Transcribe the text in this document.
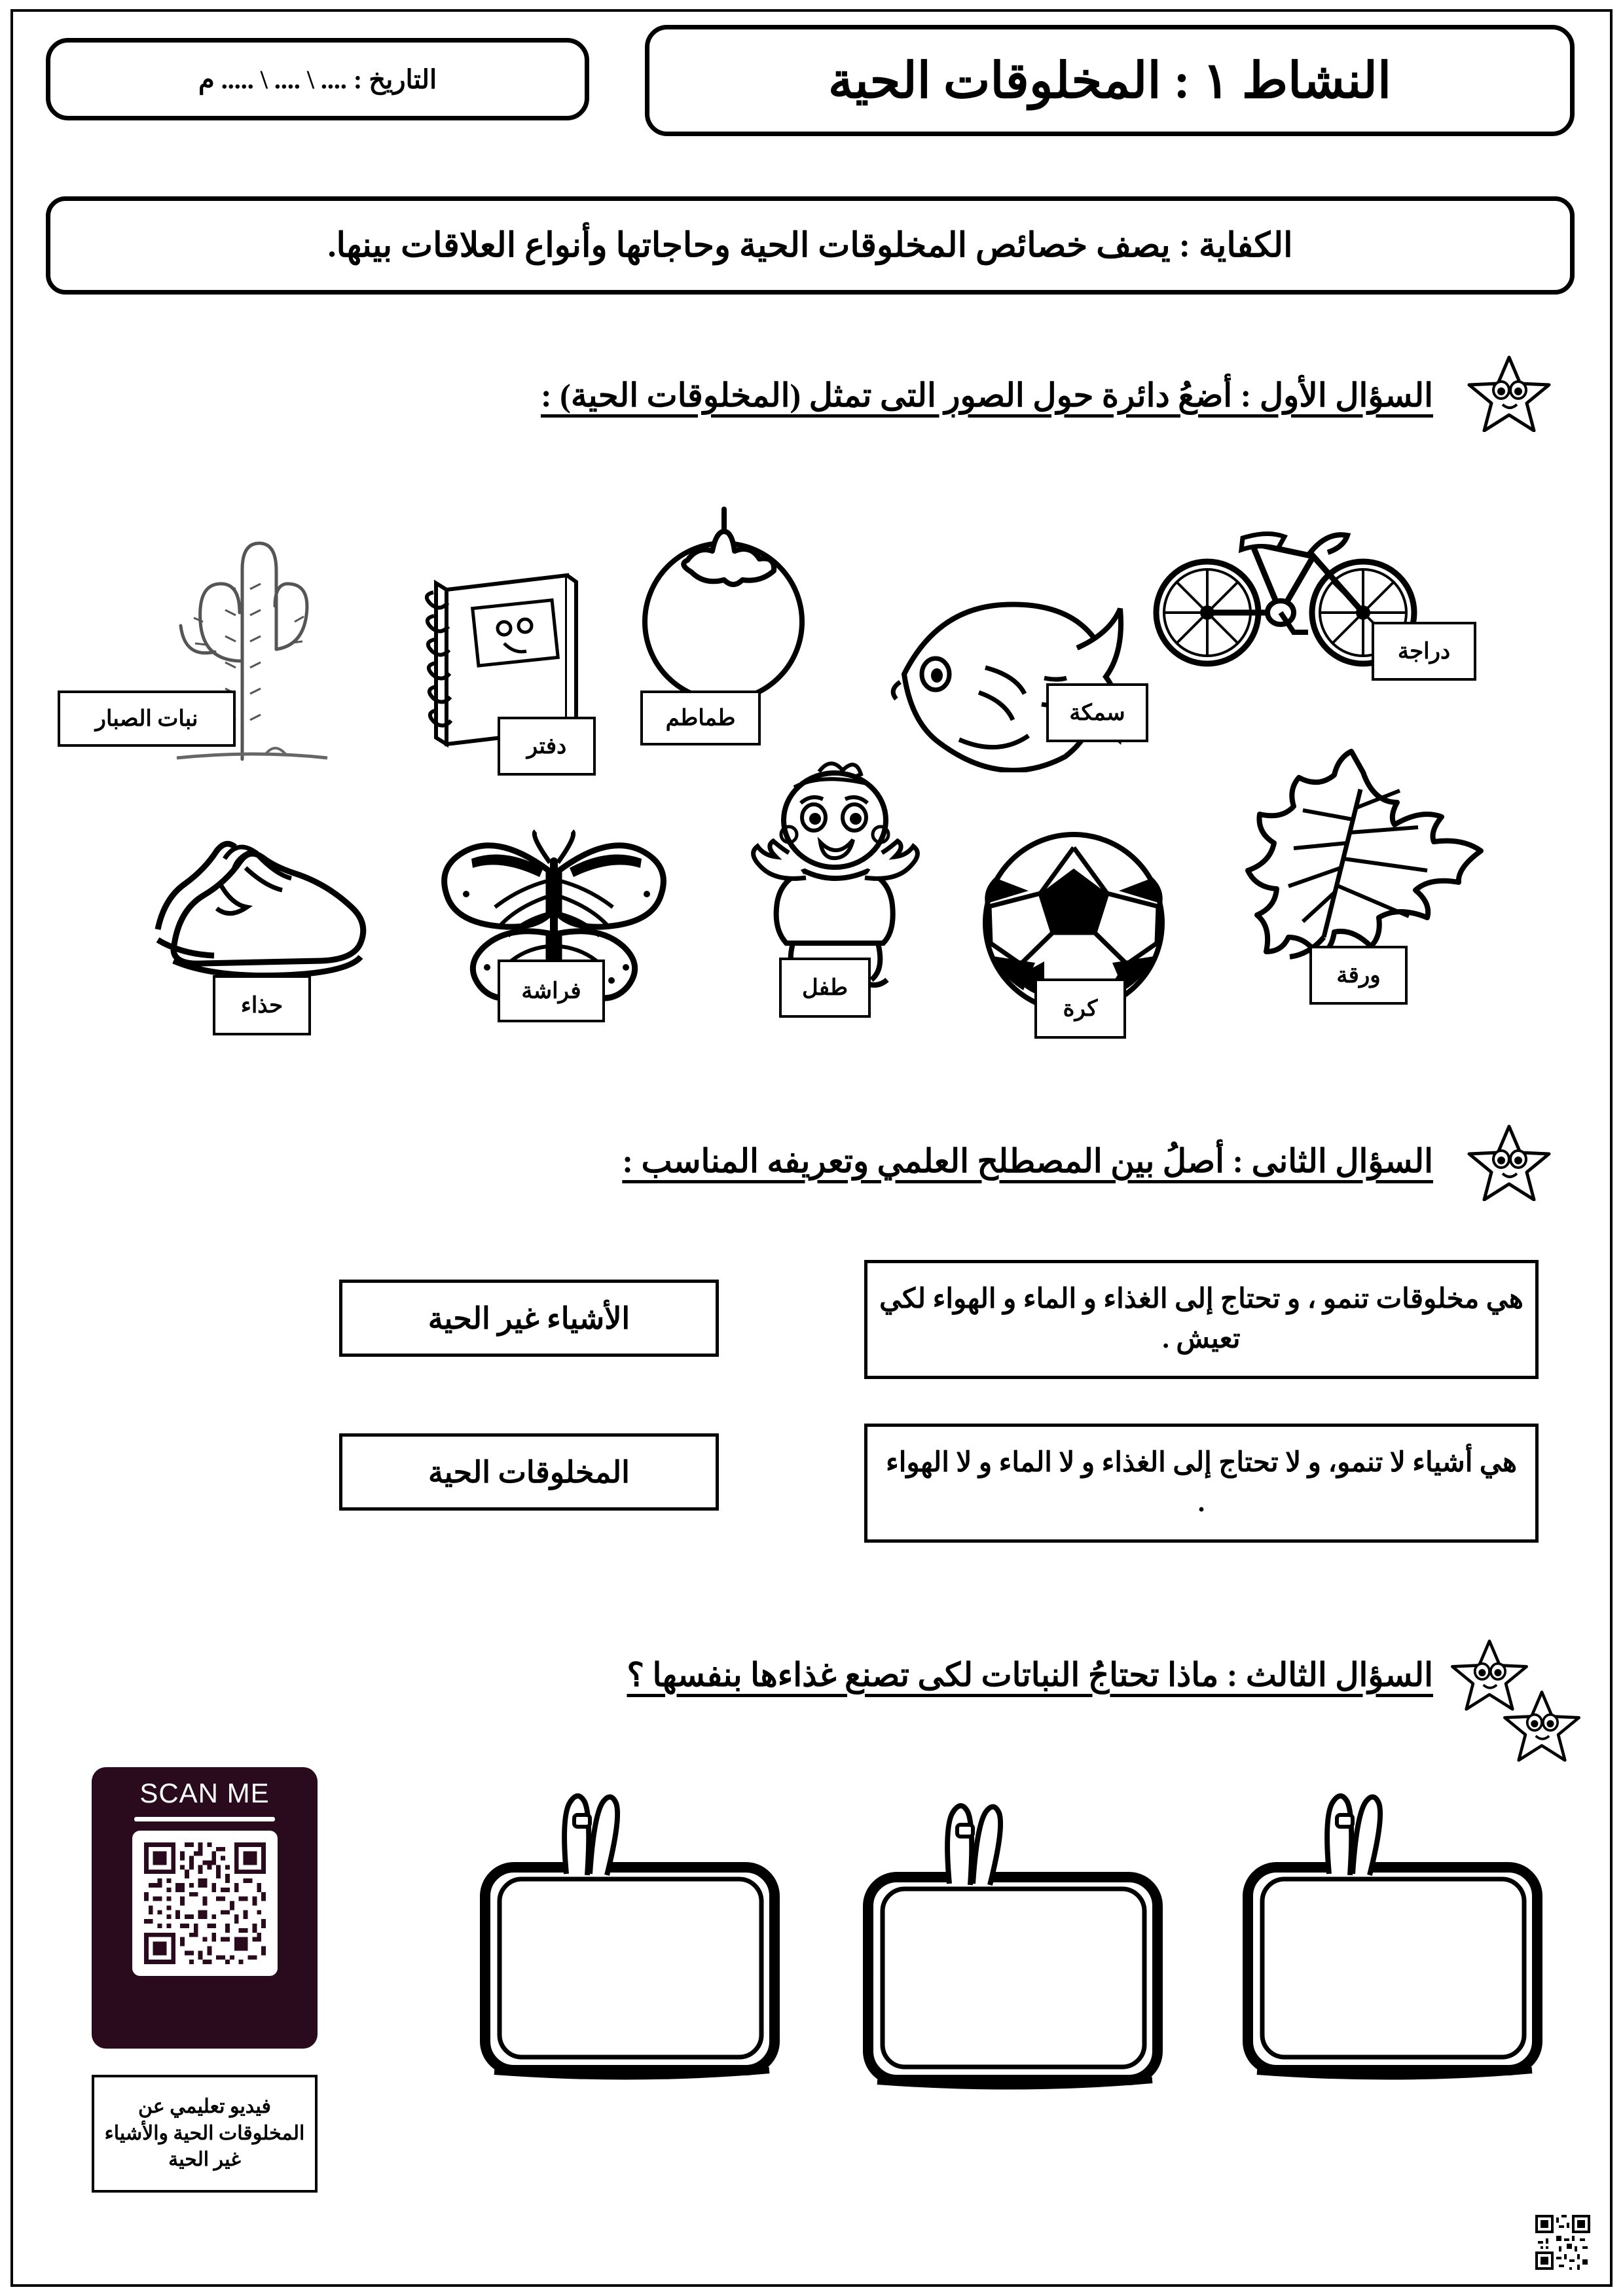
التاريخ : .... \ .... \ ..... م	النشاط ١ : المخلوقات الحية
الكفاية : يصف خصائص المخلوقات الحية وحاجاتها وأنواع العلاقات بينها.
السؤال الأول : أضعُ دائرة حول الصور التى تمثل (المخلوقات الحية) :
نبات الصبار
دفتر
طماطم	سمكة
دراجة
حذاء
فراشة	طفل
كرة
ورقة
السؤال الثانى : أصلُ بين المصطلح العلمي وتعريفه المناسب :
الأشياء غير الحية
المخلوقات الحية
هي مخلوقات تنمو ، و تحتاج إلى الغذاء و الماء و الهواء لكي تعيش .
هي أشياء لا تنمو، و لا تحتاج إلى الغذاء و لا الماء و لا الهواء .
السؤال الثالث : ماذا تحتاجُ النباتات لكى تصنع غذاءها بنفسها ؟
SCAN ME
فيديو تعليمي عن المخلوقات الحية والأشياء غير الحية
